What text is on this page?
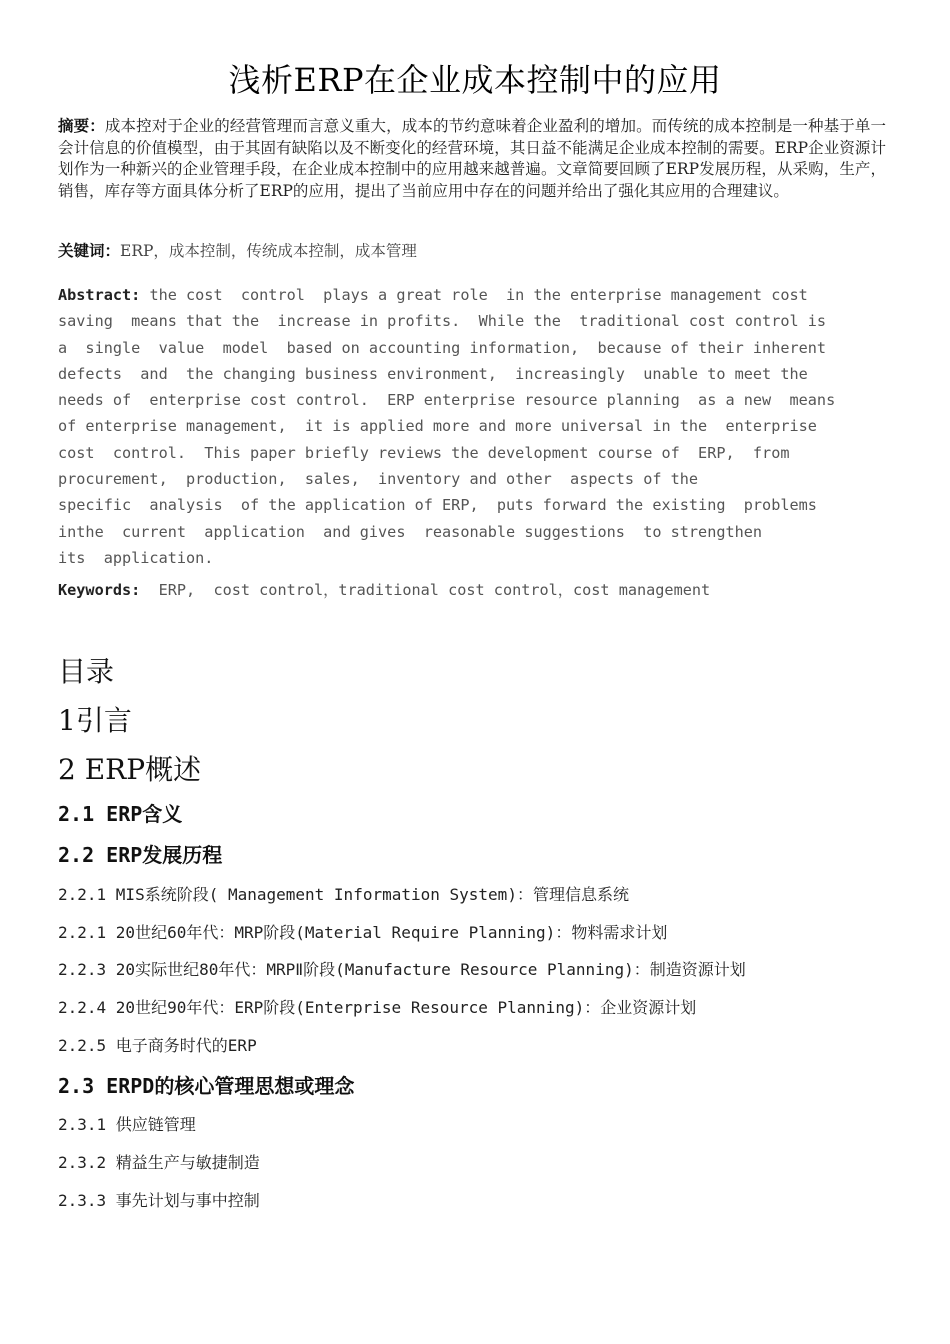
浅析ERP在企业成本控制中的应用
摘要：成本控对于企业的经营管理而言意义重大，成本的节约意味着企业盈利的增加。而传统的成本控制是一种基于单一会计信息的价值模型，由于其固有缺陷以及不断变化的经营环境，其日益不能满足企业成本控制的需要。ERP企业资源计划作为一种新兴的企业管理手段，在企业成本控制中的应用越来越普遍。文章简要回顾了ERP发展历程，从采购，生产，销售，库存等方面具体分析了ERP的应用，提出了当前应用中存在的问题并给出了强化其应用的合理建议。
关键词：ERP，成本控制，传统成本控制，成本管理
Abstract: the cost  control  plays a great role  in the enterprise management cost
saving  means that the  increase in profits.  While the  traditional cost control is
a  single  value  model  based on accounting information,  because of their inherent
defects  and  the changing business environment,  increasingly  unable to meet the
needs of  enterprise cost control.  ERP enterprise resource planning  as a new  means
of enterprise management,  it is applied more and more universal in the  enterprise
cost  control.  This paper briefly reviews the development course of  ERP,  from
procurement,  production,  sales,  inventory and other  aspects of the
specific  analysis  of the application of ERP,  puts forward the existing  problems
inthe  current  application  and gives  reasonable suggestions  to strengthen
its  application.
Keywords:  ERP,  cost control，traditional cost control，cost management
目录
1引言
2 ERP概述
2.1 ERP含义
2.2 ERP发展历程
2.2.1 MIS系统阶段( Management Information System)：管理信息系统
2.2.1 20世纪60年代：MRP阶段(Material Require Planning)：物料需求计划
2.2.3 20实际世纪80年代：MRPⅡ阶段(Manufacture Resource Planning)：制造资源计划
2.2.4 20世纪90年代：ERP阶段(Enterprise Resource Planning)：企业资源计划
2.2.5 电子商务时代的ERP
2.3 ERPD的核心管理思想或理念
2.3.1 供应链管理
2.3.2 精益生产与敏捷制造
2.3.3 事先计划与事中控制
